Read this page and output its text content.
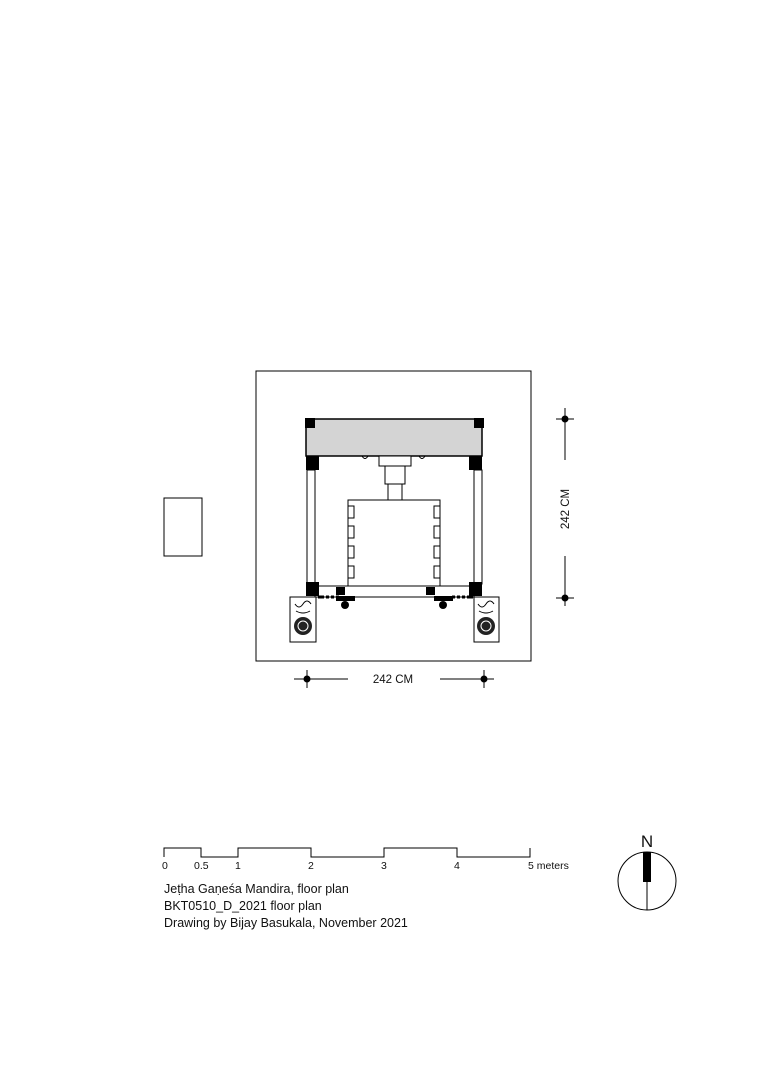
242 CM
242 CM
0 0.5	1	2	3	4	5 meters
N
Jeṭha Gaṇeśa Mandira, floor plan
BKT0510_D_2021 floor plan
Drawing by Bijay Basukala, November 2021
